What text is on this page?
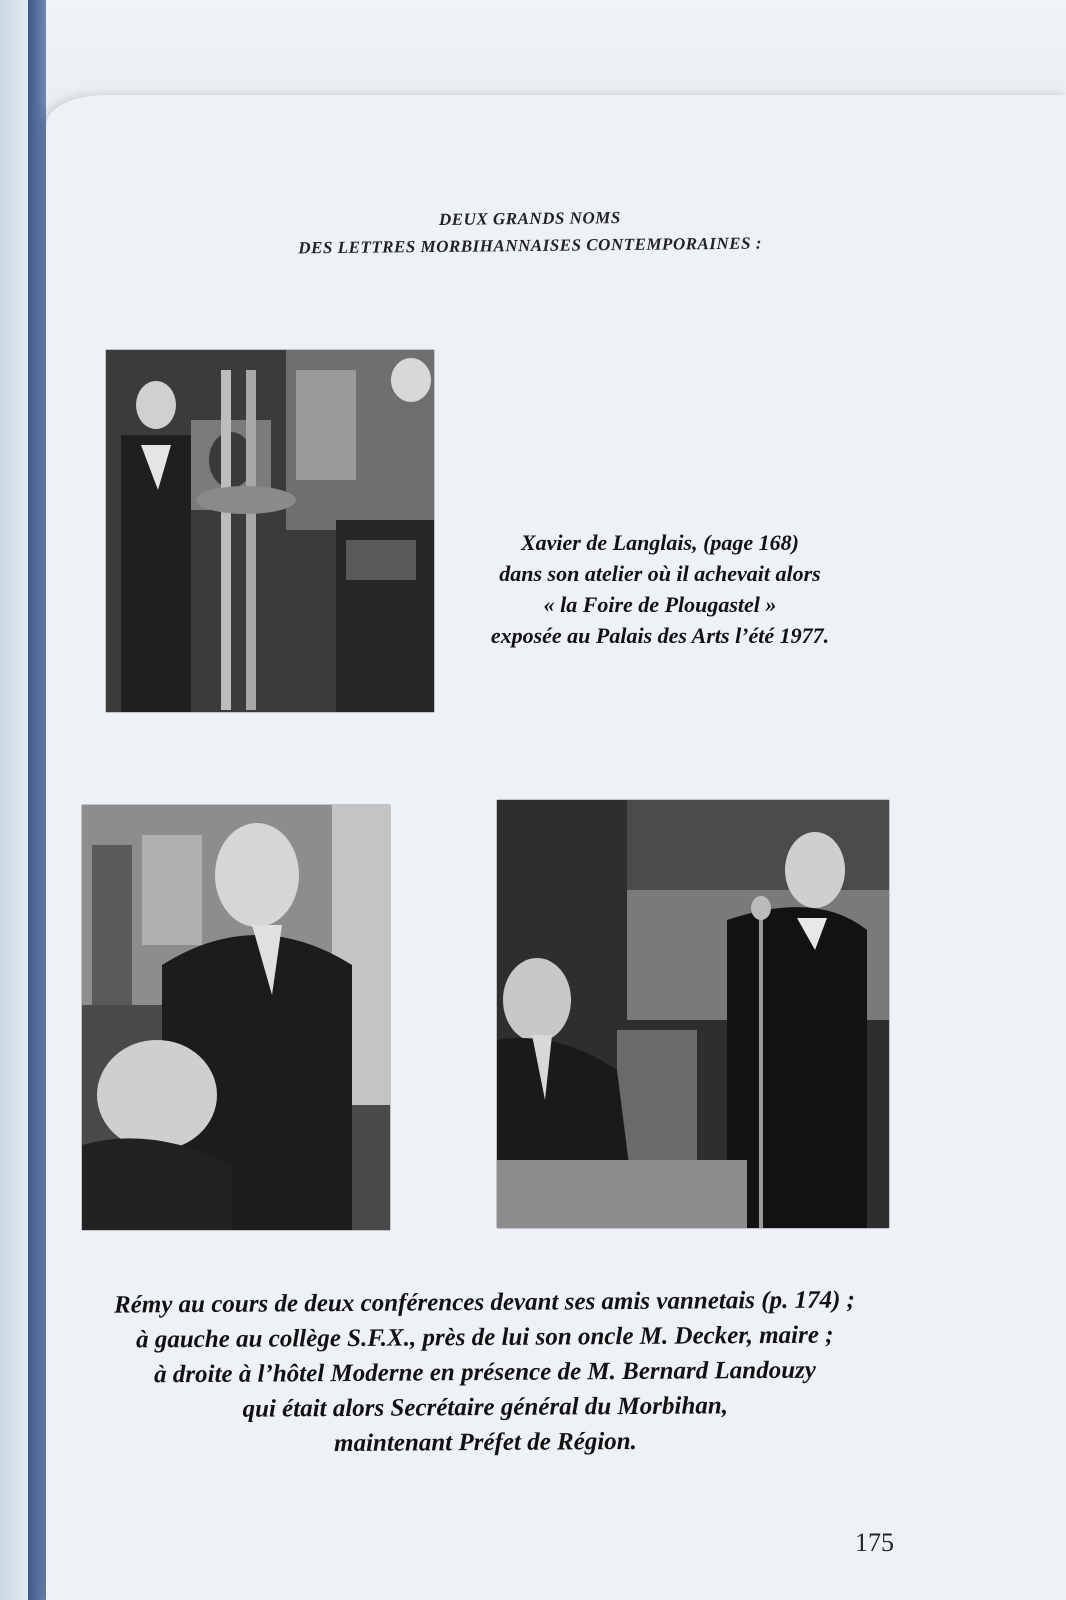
DEUX GRANDS NOMS
DES LETTRES MORBIHANNAISES CONTEMPORAINES :
Xavier de Langlais, (page 168)
dans son atelier où il achevait alors
« la Foire de Plougastel »
exposée au Palais des Arts l’été 1977.
Rémy au cours de deux conférences devant ses amis vannetais (p. 174) ;
à gauche au collège S.F.X., près de lui son oncle M. Decker, maire ;
à droite à l’hôtel Moderne en présence de M. Bernard Landouzy
qui était alors Secrétaire général du Morbihan,
maintenant Préfet de Région.
175
